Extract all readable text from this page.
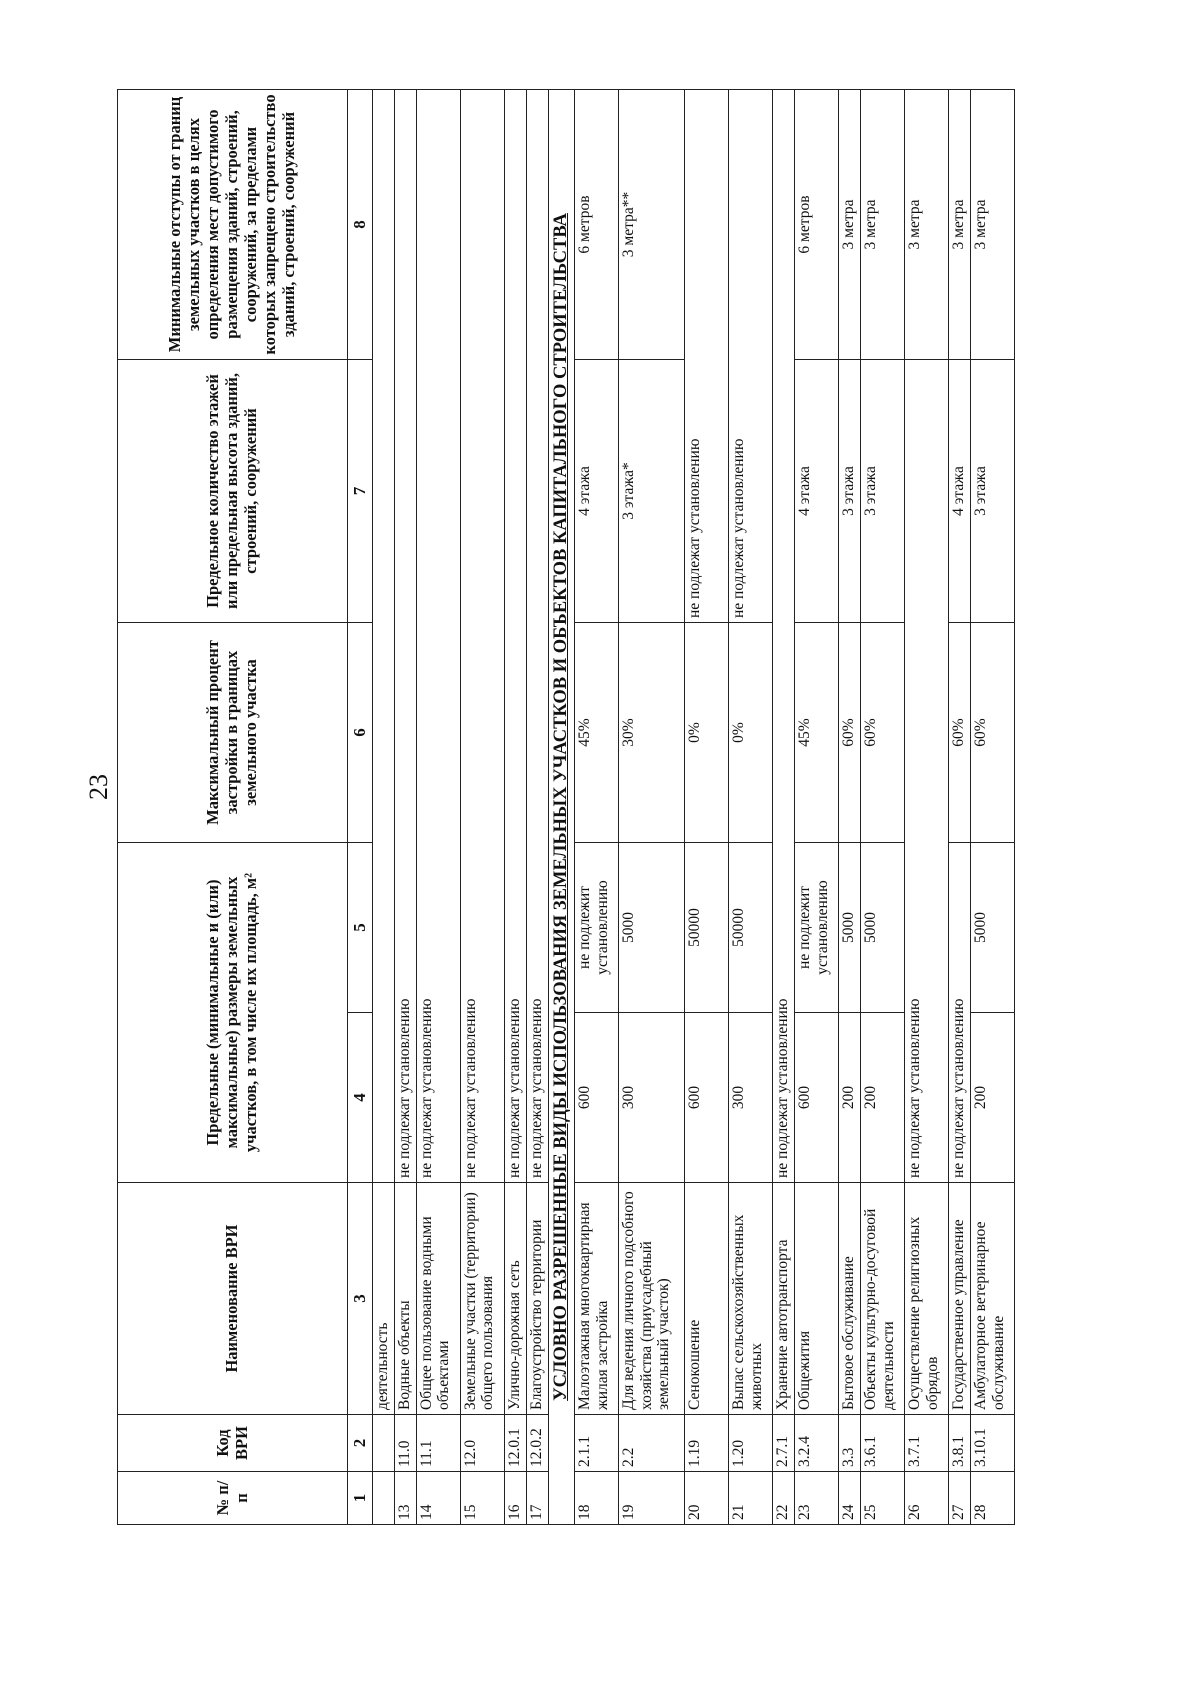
23
№ п/п	Код ВРИ	Наименование ВРИ	Предельные (минимальные и (или) максимальные) размеры земельных участков, в том числе их площадь, м²		Максимальный процент застройки в границах земельного участка	Предельное количество этажей или предельная высота зданий, строений, сооружений	Минимальные отступы от границ земельных участков в целях определения мест допустимого размещения зданий, строений, сооружений, за пределами которых запрещено строительство зданий, строений, сооружений
1	2	3	4	5	6	7	8
		деятельность					
13	11.0	Водные объекты	не подлежат установлению				
14	11.1	Общее пользование водными объектами	не подлежат установлению				
15	12.0	Земельные участки (территории) общего пользования	не подлежат установлению				
16	12.0.1	Улично-дорожная сеть	не подлежат установлению				
17	12.0.2	Благоустройство территории	не подлежат установлению				
УСЛОВНО РАЗРЕШЕННЫЕ ВИДЫ ИСПОЛЬЗОВАНИЯ ЗЕМЕЛЬНЫХ УЧАСТКОВ И ОБЪЕКТОВ КАПИТАЛЬНОГО СТРОИТЕЛЬСТВА							
18	2.1.1	Малоэтажная многоквартирная жилая застройка	600	не подлежит установлению	45%	4 этажа	6 метров
19	2.2	Для ведения личного подсобного хозяйства (приусадебный земельный участок)	300	5000	30%	3 этажа*	3 метра**
20	1.19	Сенокошение	600	50000	0%	не подлежат установлению	
21	1.20	Выпас сельскохозяйственных животных	300	50000	0%	не подлежат установлению	
22	2.7.1	Хранение автотранспорта	не подлежат установлению				
23	3.2.4	Общежития	600	не подлежит установлению	45%	4 этажа	6 метров
24	3.3	Бытовое обслуживание	200	5000	60%	3 этажа	3 метра
25	3.6.1	Объекты культурно-досуговой деятельности	200	5000	60%	3 этажа	3 метра
26	3.7.1	Осуществление религиозных обрядов	не подлежат установлению				3 метра
27	3.8.1	Государственное управление	не подлежат установлению		60%	4 этажа	3 метра
28	3.10.1	Амбулаторное ветеринарное обслуживание	200	5000	60%	3 этажа	3 метра
